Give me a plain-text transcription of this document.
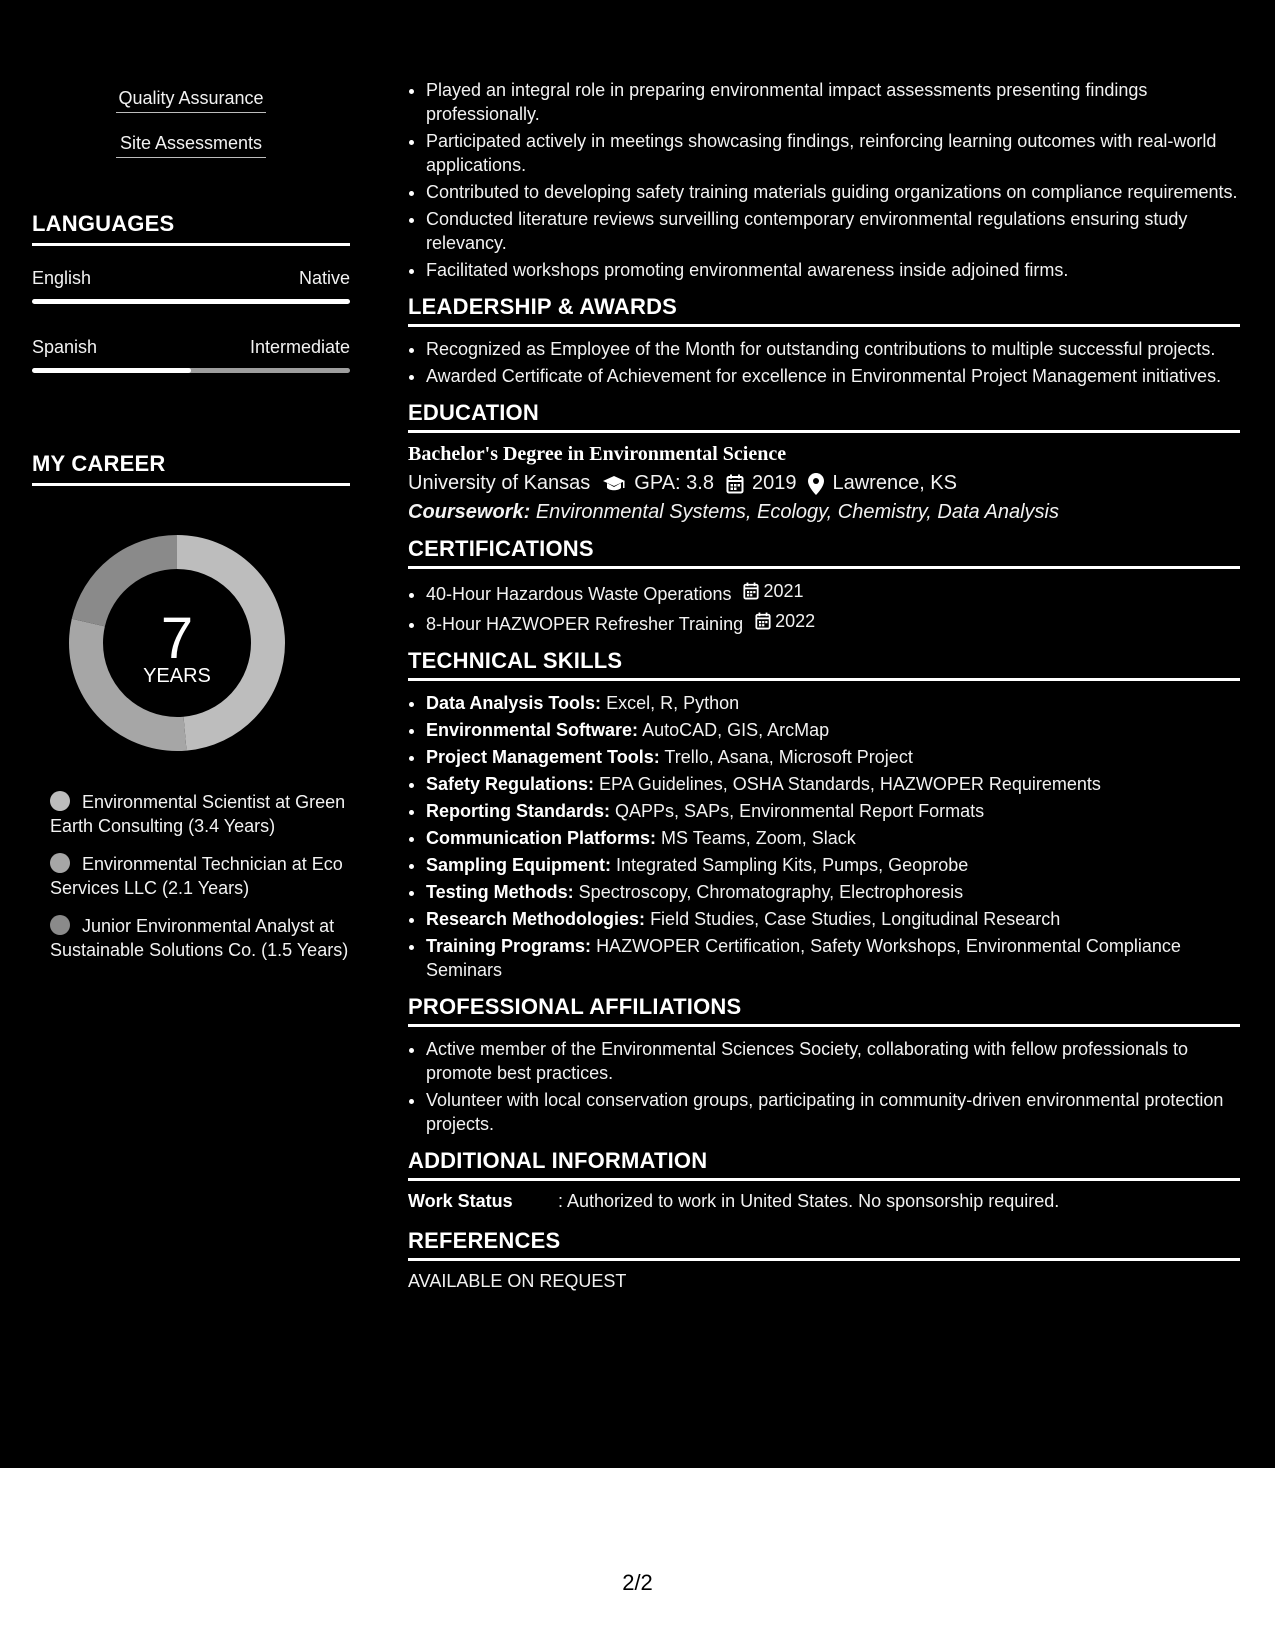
Quality Assurance
Site Assessments
LANGUAGES
English	Native
Spanish	Intermediate
MY CAREER
7
YEARS
Environmental Scientist at Green Earth Consulting (3.4 Years)
Environmental Technician at Eco Services LLC (2.1 Years)
Junior Environmental Analyst at Sustainable Solutions Co. (1.5 Years)
• Played an integral role in preparing environmental impact assessments presenting findings professionally.
• Participated actively in meetings showcasing findings, reinforcing learning outcomes with real-world applications.
• Contributed to developing safety training materials guiding organizations on compliance requirements.
• Conducted literature reviews surveilling contemporary environmental regulations ensuring study relevancy.
• Facilitated workshops promoting environmental awareness inside adjoined firms.
LEADERSHIP & AWARDS
• Recognized as Employee of the Month for outstanding contributions to multiple successful projects.
• Awarded Certificate of Achievement for excellence in Environmental Project Management initiatives.
EDUCATION
Bachelor's Degree in Environmental Science
University of Kansas GPA: 3.8 2019 Lawrence, KS
Coursework: Environmental Systems, Ecology, Chemistry, Data Analysis
CERTIFICATIONS
• 40-Hour Hazardous Waste Operations 2021
• 8-Hour HAZWOPER Refresher Training 2022
TECHNICAL SKILLS
• Data Analysis Tools: Excel, R, Python
• Environmental Software: AutoCAD, GIS, ArcMap
• Project Management Tools: Trello, Asana, Microsoft Project
• Safety Regulations: EPA Guidelines, OSHA Standards, HAZWOPER Requirements
• Reporting Standards: QAPPs, SAPs, Environmental Report Formats
• Communication Platforms: MS Teams, Zoom, Slack
• Sampling Equipment: Integrated Sampling Kits, Pumps, Geoprobe
• Testing Methods: Spectroscopy, Chromatography, Electrophoresis
• Research Methodologies: Field Studies, Case Studies, Longitudinal Research
• Training Programs: HAZWOPER Certification, Safety Workshops, Environmental Compliance Seminars
PROFESSIONAL AFFILIATIONS
• Active member of the Environmental Sciences Society, collaborating with fellow professionals to promote best practices.
• Volunteer with local conservation groups, participating in community-driven environmental protection projects.
ADDITIONAL INFORMATION
Work Status	: Authorized to work in United States. No sponsorship required.
REFERENCES
AVAILABLE ON REQUEST
2/2
